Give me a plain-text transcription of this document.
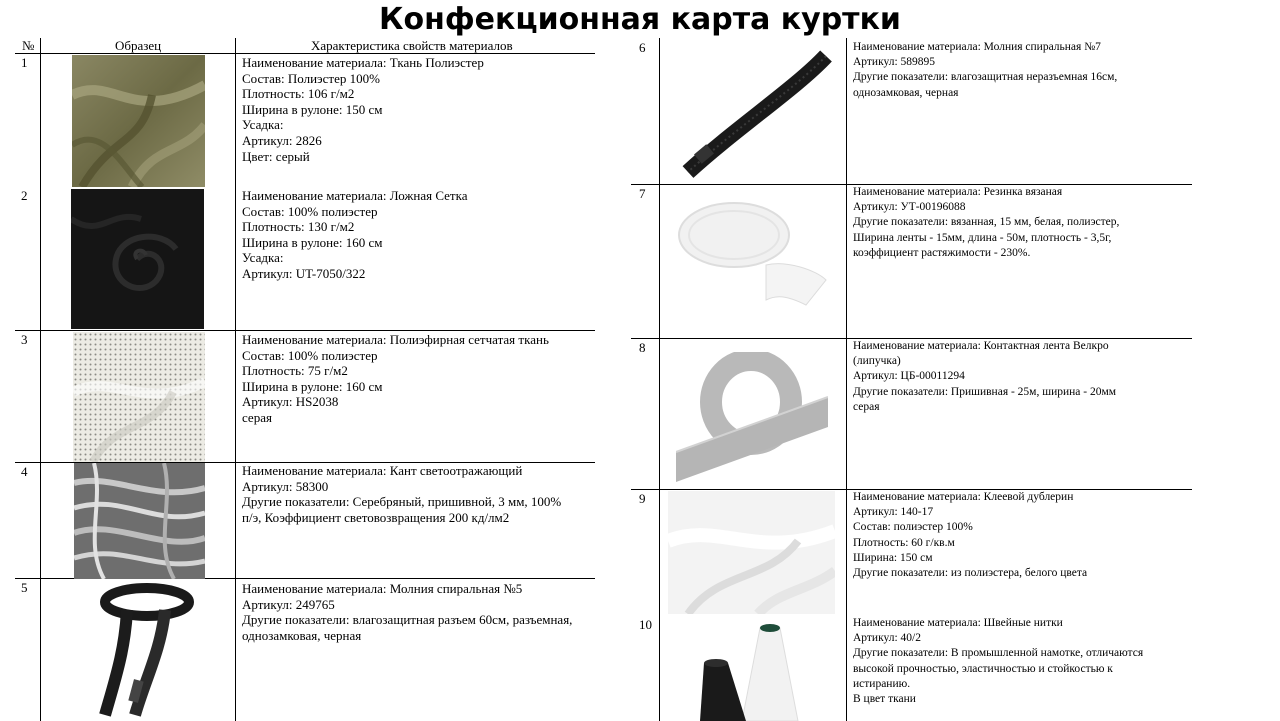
Конфекционная карта куртки
№	Образец	Характеристика свойств материалов
1
2
3
4
5
Наименование материала: Ткань Полиэстер
Состав: Полиэстер 100%
Плотность: 106 г/м2
Ширина в рулоне: 150 см
Усадка:
Артикул: 2826
Цвет: серый
Наименование материала: Ложная Сетка
Состав: 100% полиэстер
Плотность: 130 г/м2
Ширина в рулоне: 160 см
Усадка:
Артикул: UT-7050/322
Наименование материала: Полиэфирная сетчатая ткань
Состав: 100% полиэстер
Плотность: 75 г/м2
Ширина в рулоне: 160 см
Артикул: HS2038
серая
Наименование материала: Кант светоотражающий
Артикул: 58300
Другие показатели: Серебряный, пришивной, 3 мм, 100%
п/э, Коэффициент световозвращения 200 кд/лм2
Наименование материала: Молния спиральная №5
Артикул: 249765
Другие показатели: влагозащитная разъем 60см, разъемная,
однозамковая, черная
6
7
8
9
10
Наименование материала: Молния спиральная №7
Артикул: 589895
Другие показатели: влагозащитная неразъемная 16см,
однозамковая, черная
Наименование материала: Резинка вязаная
Артикул: УТ-00196088
Другие показатели: вязанная, 15 мм, белая, полиэстер,
Ширина ленты - 15мм, длина - 50м, плотность - 3,5г,
коэффициент растяжимости - 230%.
Наименование материала: Контактная лента Велкро
(липучка)
Артикул: ЦБ-00011294
Другие показатели: Пришивная - 25м, ширина - 20мм
серая
Наименование материала: Клеевой дублерин
Артикул: 140-17
Состав: полиэстер 100%
Плотность: 60 г/кв.м
Ширина: 150 см
Другие показатели: из полиэстера, белого цвета
Наименование материала: Швейные нитки
Артикул: 40/2
Другие показатели: В промышленной намотке, отличаются
высокой прочностью, эластичностью и стойкостью к
истиранию.
В цвет ткани
